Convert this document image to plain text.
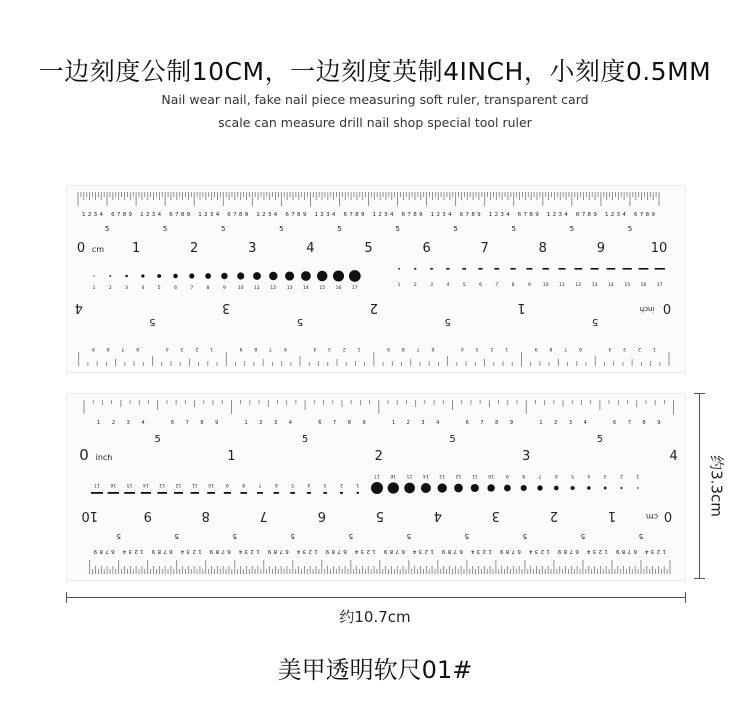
一边刻度公制10CM，一边刻度英制4INCH，小刻度0.5MM
Nail wear nail, fake nail piece measuring soft ruler, transparent card
scale can measure drill nail shop special tool ruler
1 2 3 4 6 7 8 9
5
1 2 3 4 6 7 8 9
5
1 2 3 4 6 7 8 9
5
1 2 3 4 6 7 8 9
5
1 2 3 4 6 7 8 9
5
1 2 3 4 6 7 8 9
5
1 2 3 4 6 7 8 9
5
1 2 3 4 6 7 8 9
5
1 2 3 4 6 7 8 9
5
1 2 3 4 6 7 8 9
5
0 cm 1	2	3	4	5	6	7	8	9	10
1	2	3	4	5	6	7	8	9	10 11 12 13 14 15 16 17
1	2	3	4	5	6	7	8	9	10 11 12 13 14 15 16 17
0
inch
1
2
3
4
5
5
5
5
1
2
3
4
6
7
8
9
1
2
3
4
6
7
8
9
1
2
3
4
6
7
8
9
1
2
3
4
6
7
8
9
1 2 3 4	6 7 8 9	1 2 3 4	6 7 8 9	1 2 3 4	6 7 8 9	1 2 3 4	6 7 8 9
5	5	5	5
0 inch	1	2	3	4
17 16 15 14 13 12 11 10	9	8	7	6	5	4	3	2	1
17 16 15 14 13 12 11 10	9	8	7	6	5	4	3	2	1
0
cm
1
2
3
4
5
6
7
8
9
10
5
1
2
3
4
6
7
8
9
5
1
2
3
4
6
7
8
9
5
1
2
3
4
6
7
8
9
5
1
2
3
4
6
7
8
9
5
1
2
3
4
6
7
8
9
5
1
2
3
4
6
7
8
9
5
1
2
3
4
6
7
8
9
5
1
2
3
4
6
7
8
9
5
1
2
3
4
6
7
8
9
5
1
2
3
4
6
7
8
9
约3.3cm
约10.7cm
美甲透明软尺01#
